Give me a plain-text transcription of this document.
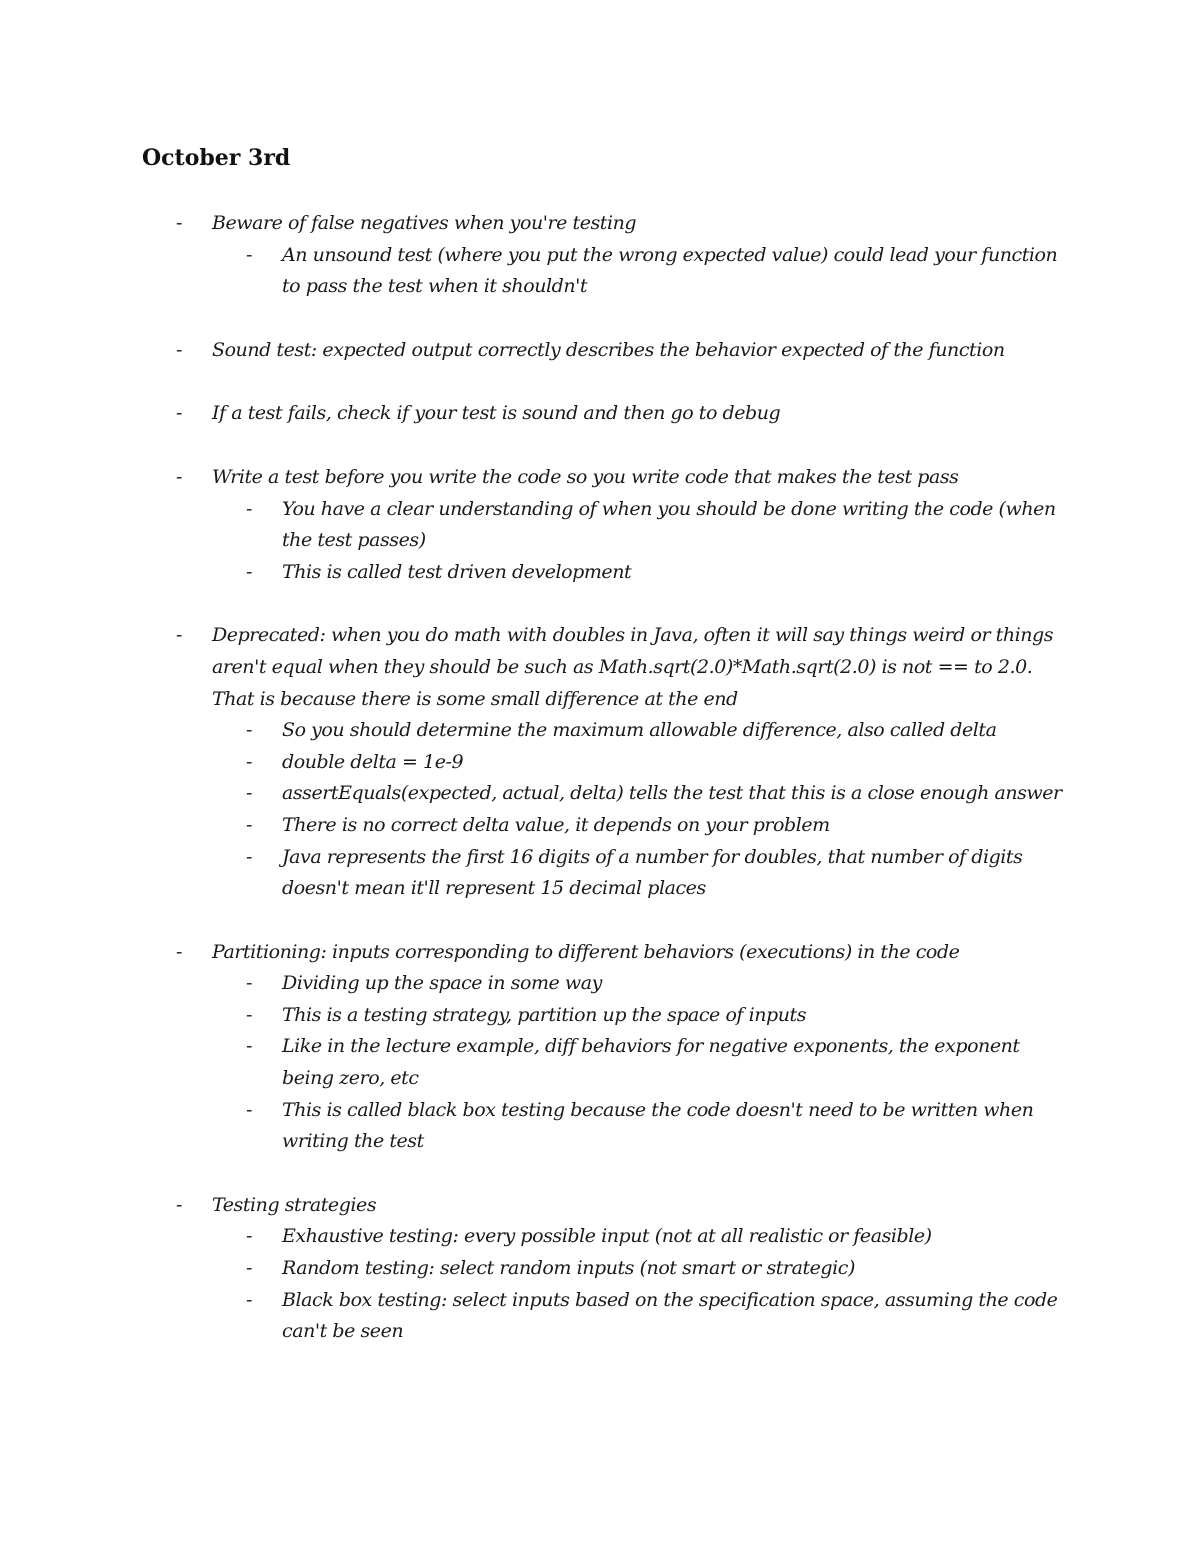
October 3rd
- Beware of false negatives when you're testing
- An unsound test (where you put the wrong expected value) could lead your function to pass the test when it shouldn't
- Sound test: expected output correctly describes the behavior expected of the function
- If a test fails, check if your test is sound and then go to debug
- Write a test before you write the code so you write code that makes the test pass
- You have a clear understanding of when you should be done writing the code (when the test passes)
- This is called test driven development
- Deprecated: when you do math with doubles in Java, often it will say things weird or things aren't equal when they should be such as Math.sqrt(2.0)*Math.sqrt(2.0) is not == to 2.0. That is because there is some small difference at the end
- So you should determine the maximum allowable difference, also called delta
- double delta = 1e-9
- assertEquals(expected, actual, delta) tells the test that this is a close enough answer
- There is no correct delta value, it depends on your problem
- Java represents the first 16 digits of a number for doubles, that number of digits doesn't mean it'll represent 15 decimal places
- Partitioning: inputs corresponding to different behaviors (executions) in the code
- Dividing up the space in some way
- This is a testing strategy, partition up the space of inputs
- Like in the lecture example, diff behaviors for negative exponents, the exponent being zero, etc
- This is called black box testing because the code doesn't need to be written when writing the test
- Testing strategies
- Exhaustive testing: every possible input (not at all realistic or feasible)
- Random testing: select random inputs (not smart or strategic)
- Black box testing: select inputs based on the specification space, assuming the code can't be seen
